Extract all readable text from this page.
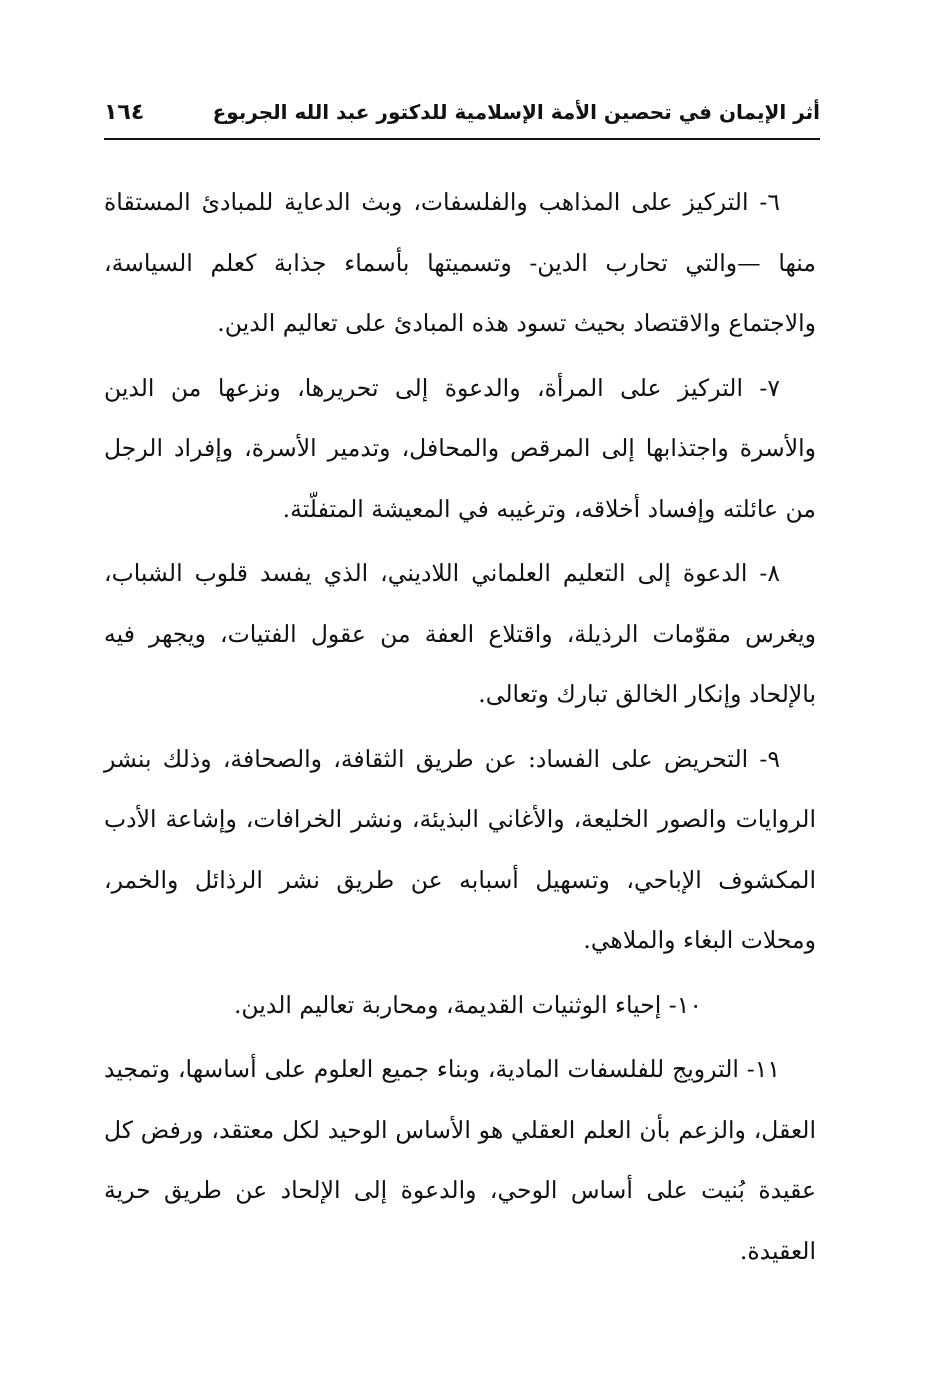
أثر الإيمان في تحصين الأمة الإسلامية للدكتور عبد الله الجربوع
١٦٤

٦- التركيز على المذاهب والفلسفات، وبث الدعاية للمبادئ المستقاة منها —والتي تحارب الدين- وتسميتها بأسماء جذابة كعلم السياسة، والاجتماع والاقتصاد بحيث تسود هذه المبادئ على تعاليم الدين.

٧- التركيز على المرأة، والدعوة إلى تحريرها، ونزعها من الدين والأسرة واجتذابها إلى المرقص والمحافل، وتدمير الأسرة، وإفراد الرجل من عائلته وإفساد أخلاقه، وترغيبه في المعيشة المتفلّتة.

٨- الدعوة إلى التعليم العلماني اللاديني، الذي يفسد قلوب الشباب، ويغرس مقوّمات الرذيلة، واقتلاع العفة من عقول الفتيات، ويجهر فيه بالإلحاد وإنكار الخالق تبارك وتعالى.

٩- التحريض على الفساد: عن طريق الثقافة، والصحافة، وذلك بنشر الروايات والصور الخليعة، والأغاني البذيئة، ونشر الخرافات، وإشاعة الأدب المكشوف الإباحي، وتسهيل أسبابه عن طريق نشر الرذائل والخمر، ومحلات البغاء والملاهي.

١٠- إحياء الوثنيات القديمة، ومحاربة تعاليم الدين.

١١- الترويج للفلسفات المادية، وبناء جميع العلوم على أساسها، وتمجيد العقل، والزعم بأن العلم العقلي هو الأساس الوحيد لكل معتقد، ورفض كل عقيدة بُنيت على أساس الوحي، والدعوة إلى الإلحاد عن طريق حرية العقيدة.
